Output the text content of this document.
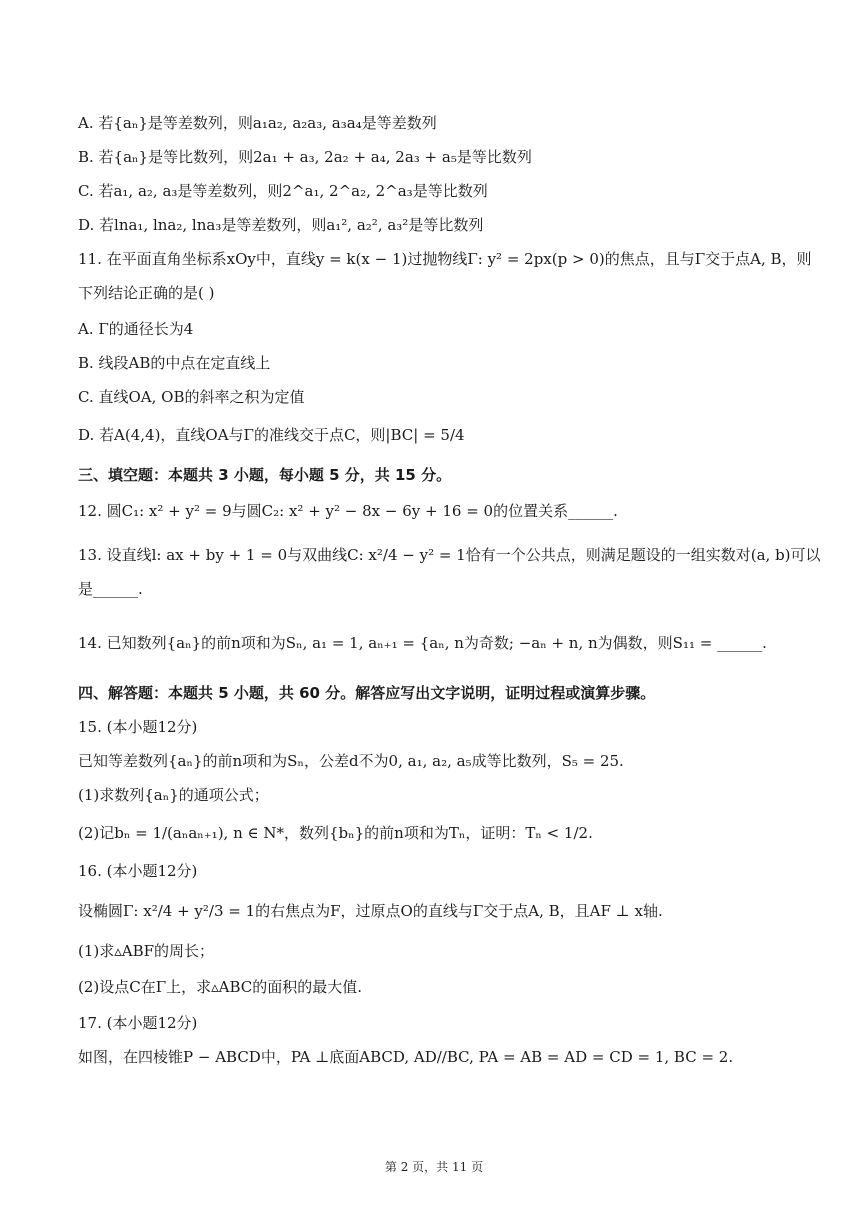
A. 若{aₙ}是等差数列，则a₁a₂, a₂a₃, a₃a₄是等差数列
B. 若{aₙ}是等比数列，则2a₁ + a₃, 2a₂ + a₄, 2a₃ + a₅是等比数列
C. 若a₁, a₂, a₃是等差数列，则2^a₁, 2^a₂, 2^a₃是等比数列
D. 若lna₁, lna₂, lna₃是等差数列，则a₁², a₂², a₃²是等比数列
11. 在平面直角坐标系xOy中，直线y = k(x − 1)过抛物线Γ: y² = 2px(p > 0)的焦点，且与Γ交于点A, B，则
下列结论正确的是( )
A. Γ的通径长为4
B. 线段AB的中点在定直线上
C. 直线OA, OB的斜率之积为定值
D. 若A(4,4)，直线OA与Γ的准线交于点C，则|BC| = 5/4
三、填空题：本题共 3 小题，每小题 5 分，共 15 分。
12. 圆C₁: x² + y² = 9与圆C₂: x² + y² − 8x − 6y + 16 = 0的位置关系______.
13. 设直线l: ax + by + 1 = 0与双曲线C: x²/4 − y² = 1恰有一个公共点，则满足题设的一组实数对(a, b)可以
是______.
14. 已知数列{aₙ}的前n项和为Sₙ, a₁ = 1, aₙ₊₁ = {aₙ, n为奇数; −aₙ + n, n为偶数，则S₁₁ = ______.
四、解答题：本题共 5 小题，共 60 分。解答应写出文字说明，证明过程或演算步骤。
15. (本小题12分)
已知等差数列{aₙ}的前n项和为Sₙ，公差d不为0, a₁, a₂, a₅成等比数列，S₅ = 25.
(1)求数列{aₙ}的通项公式；
(2)记bₙ = 1/(aₙaₙ₊₁), n ∈ N*，数列{bₙ}的前n项和为Tₙ，证明：Tₙ < 1/2.
16. (本小题12分)
设椭圆Γ: x²/4 + y²/3 = 1的右焦点为F，过原点O的直线与Γ交于点A, B，且AF ⊥ x轴.
(1)求▵ABF的周长；
(2)设点C在Γ上，求▵ABC的面积的最大值.
17. (本小题12分)
如图，在四棱锥P − ABCD中，PA ⊥底面ABCD, AD//BC, PA = AB = AD = CD = 1, BC = 2.
第 2 页，共 11 页
